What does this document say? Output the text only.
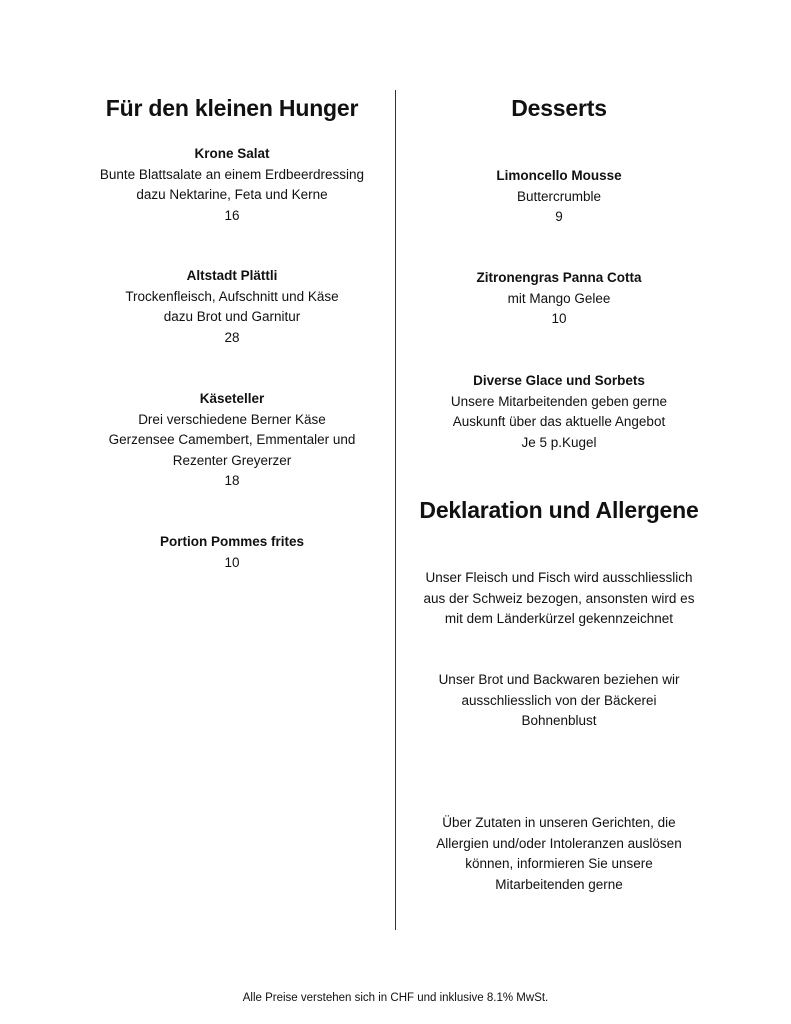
Für den kleinen Hunger
Krone Salat
Bunte Blattsalate an einem Erdbeerdressing
dazu Nektarine, Feta und Kerne
16
Altstadt Plättli
Trockenfleisch, Aufschnitt und Käse
dazu Brot und Garnitur
28
Käseteller
Drei verschiedene Berner Käse
Gerzensee Camembert, Emmentaler und
Rezenter Greyerzer
18
Portion Pommes frites
10
Desserts
Limoncello Mousse
Buttercrumble
9
Zitronengras Panna Cotta
mit Mango Gelee
10
Diverse Glace und Sorbets
Unsere Mitarbeitenden geben gerne
Auskunft über das aktuelle Angebot
Je 5 p.Kugel
Deklaration und Allergene
Unser Fleisch und Fisch wird ausschliesslich
aus der Schweiz bezogen, ansonsten wird es
mit dem Länderkürzel gekennzeichnet
Unser Brot und Backwaren beziehen wir
ausschliesslich von der Bäckerei
Bohnenblust
Über Zutaten in unseren Gerichten, die
Allergien und/oder Intoleranzen auslösen
können, informieren Sie unsere
Mitarbeitenden gerne
Alle Preise verstehen sich in CHF und inklusive 8.1% MwSt.
